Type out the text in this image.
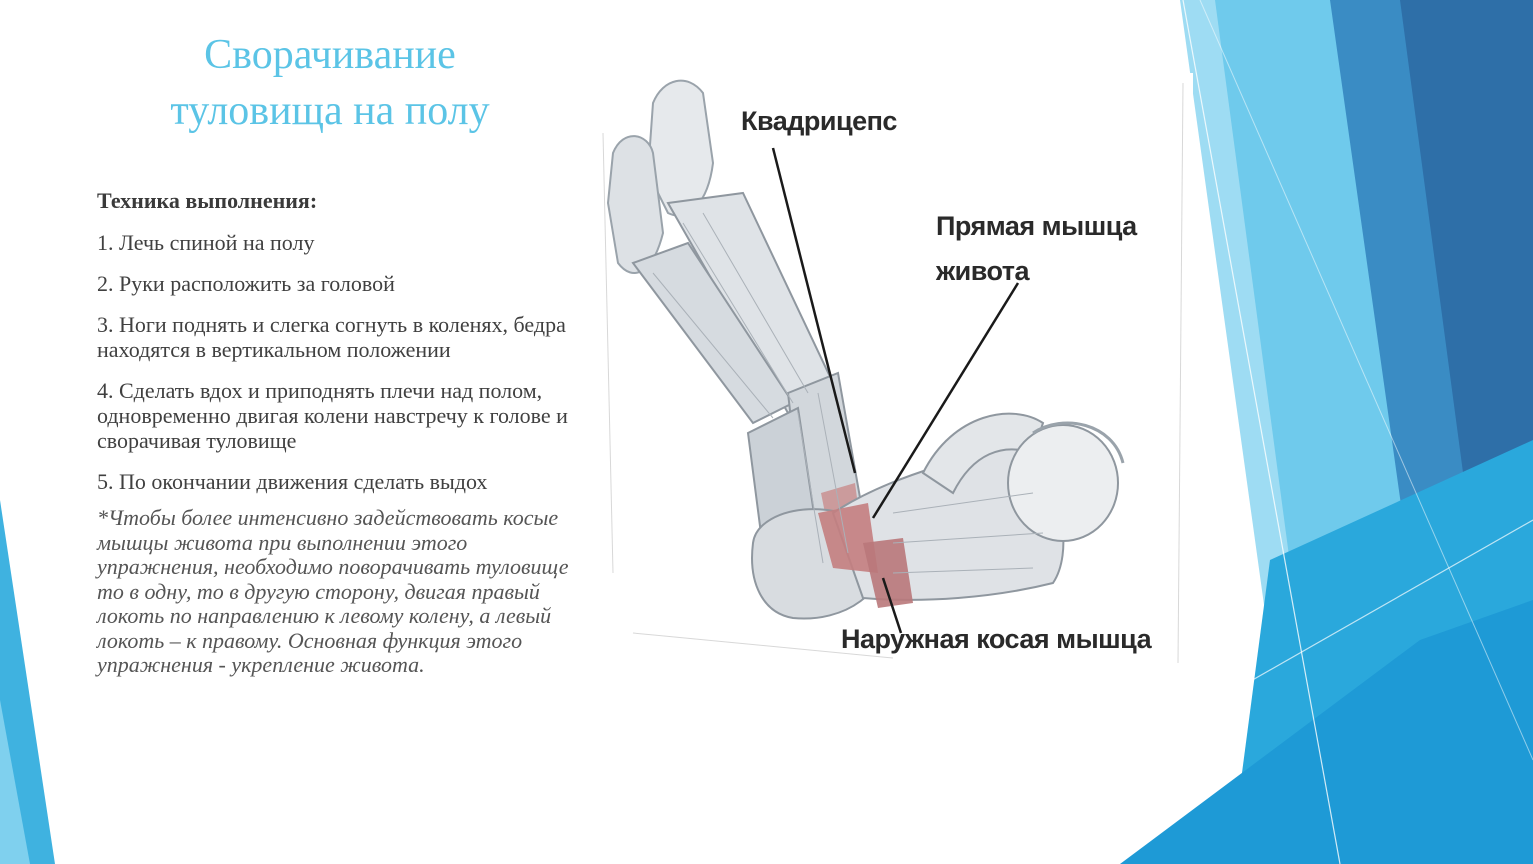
Сворачивание
туловища на полу

Техника выполнения:

1. Лечь спиной на полу

2. Руки расположить за головой

3. Ноги поднять и слегка согнуть в коленях, бедра находятся в вертикальном положении

4. Сделать вдох и приподнять плечи над полом, одновременно двигая колени навстречу к голове и сворачивая туловище

5. По окончании движения сделать выдох

*Чтобы более интенсивно задействовать косые мышцы живота при выполнении этого упражнения, необходимо поворачивать туловище то в одну, то в другую сторону, двигая правый локоть по направлению к левому колену, а левый локоть – к правому. Основная функция этого упражнения - укрепление живота.

Квадрицепс
Прямая мышца
живота
Наружная косая мышца
